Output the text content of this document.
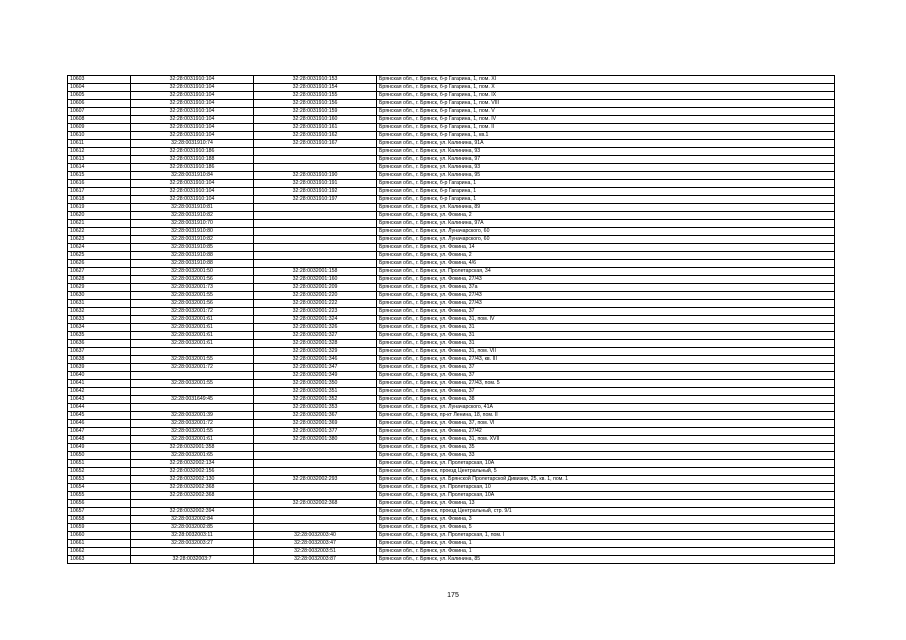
10603	32:28:0031910:104	32:28:0031910:153	Брянская обл., г. Брянск, б-р Гагарина, 1, пом. XI
10604	32:28:0031910:104	32:28:0031910:154	Брянская обл., г. Брянск, б-р Гагарина, 1, пом. X
10605	32:28:0031910:104	32:28:0031910:155	Брянская обл., г. Брянск, б-р Гагарина, 1, пом. IX
10606	32:28:0031910:104	32:28:0031910:156	Брянская обл., г. Брянск, б-р Гагарина, 1, пом. VIII
10607	32:28:0031910:104	32:28:0031910:159	Брянская обл., г. Брянск, б-р Гагарина, 1, пом. V
10608	32:28:0031910:104	32:28:0031910:160	Брянская обл., г. Брянск, б-р Гагарина, 1, пом. IV
10609	32:28:0031910:104	32:28:0031910:161	Брянская обл., г. Брянск, б-р Гагарина, 1, пом. II
10610	32:28:0031910:104	32:28:0031910:162	Брянская обл., г. Брянск, б-р Гагарина, 1, кв.1
10611	32:28:0031910:74	32:28:0031910:167	Брянская обл., г. Брянск, ул. Калинина, 91А
10612	32:28:0031910:186		Брянская обл., г. Брянск, ул. Калинина, 93
10613	32:28:0031910:188		Брянская обл., г. Брянск, ул. Калинина, 97
10614	32:28:0031910:186		Брянская обл., г. Брянск, ул. Калинина, 93
10615	32:28:0031910:84	32:28:0031910:190	Брянская обл., г. Брянск, ул. Калинина, 95
10616	32:28:0031910:104	32:28:0031910:191	Брянская обл., г. Брянск, б-р Гагарина, 1
10617	32:28:0031910:104	32:28:0031910:192	Брянская обл., г. Брянск, б-р Гагарина, 1
10618	32:28:0031910:104	32:28:0031910:197	Брянская обл., г. Брянск, б-р Гагарина, 1
10619	32:28:0031910:81		Брянская обл., г. Брянск, ул. Калинина, 89
10620	32:28:0031910:82		Брянская обл., г. Брянск, ул. Фокина, 2
10621	32:28:0031910:70		Брянская обл., г. Брянск, ул. Калинина, 97А
10622	32:28:0031910:80		Брянская обл., г. Брянск, ул. Луначарского, 60
10623	32:28:0031910:82		Брянская обл., г. Брянск, ул. Луначарского, 60
10624	32:28:0031910:85		Брянская обл., г. Брянск, ул. Фокина, 14
10625	32:28:0031910:88		Брянская обл., г. Брянск, ул. Фокина, 2
10626	32:28:0031910:88		Брянская обл., г. Брянск, ул. Фокина, 4/6
10627	32:28:0032001:50	32:28:0032001:158	Брянская обл., г. Брянск, ул. Пролетарская, 34
10628	32:28:0032001:56	32:28:0032001:160	Брянская обл., г. Брянск, ул. Фокина, 27/43
10629	32:28:0032001:73	32:28:0032001:209	Брянская обл., г. Брянск, ул. Фокина, 37а
10630	32:28:0032001:55	32:28:0032001:220	Брянская обл., г. Брянск, ул. Фокина, 27/43
10631	32:28:0032001:56	32:28:0032001:222	Брянская обл., г. Брянск, ул. Фокина, 27/43
10632	32:28:0032001:72	32:28:0032001:223	Брянская обл., г. Брянск, ул. Фокина, 37
10633	32:28:0032001:61	32:28:0032001:324	Брянская обл., г. Брянск, ул. Фокина, 31, пом. IV
10634	32:28:0032001:61	32:28:0032001:326	Брянская обл., г. Брянск, ул. Фокина, 31
10635	32:28:0032001:61	32:28:0032001:327	Брянская обл., г. Брянск, ул. Фокина, 31
10636	32:28:0032001:61	32:28:0032001:328	Брянская обл., г. Брянск, ул. Фокина, 31
10637		32:28:0032001:329	Брянская обл., г. Брянск, ул. Фокина, 31, пом. VII
10638	32:28:0032001:55	32:28:0032001:346	Брянская обл., г. Брянск, ул. Фокина, 27/43, кв. III
10639	32:28:0032001:72	32:28:0032001:347	Брянская обл., г. Брянск, ул. Фокина, 37
10640		32:28:0032001:349	Брянская обл., г. Брянск, ул. Фокина, 37
10641	32:28:0032001:55	32:28:0032001:350	Брянская обл., г. Брянск, ул. Фокина, 27/43, пом. 5
10642		32:28:0032001:351	Брянская обл., г. Брянск, ул. Фокина, 37
10643	32:28:0031649:45	32:28:0032001:352	Брянская обл., г. Брянск, ул. Фокина, 38
10644		32:28:0032001:353	Брянская обл., г. Брянск, ул. Луначарского, 41А
10645	32:28:0032001:39	32:28:0032001:367	Брянская обл., г. Брянск, пр-кт Ленина, 18, пом. II
10646	32:28:0032001:72	32:28:0032001:369	Брянская обл., г. Брянск, ул. Фокина, 37, пом. VI
10647	32:28:0032001:55	32:28:0032001:377	Брянская обл., г. Брянск, ул. Фокина, 27/42
10648	32:28:0032001:61	32:28:0032001:380	Брянская обл., г. Брянск, ул. Фокина, 31, пом. XVII
10649	32:28:0032001:358		Брянская обл., г. Брянск, ул. Фокина, 35
10650	32:28:0032001:65		Брянская обл., г. Брянск, ул. Фокина, 33
10651	32:28:0032002:134		Брянская обл., г. Брянск, ул. Пролетарская, 10А
10652	32:28:0032002:156		Брянская обл., г. Брянск, проезд Центральный, 5
10653	32:28:0032002:130	32:28:0032002:293	Брянская обл., г. Брянск, ул. Брянской Пролетарской Дивизии, 25, кв. 1, пом. 1
10654	32:28:0032002:368		Брянская обл., г. Брянск, ул. Пролетарская, 10
10655	32:28:0032002:368		Брянская обл., г. Брянск, ул. Пролетарская, 10А
10656		32:28:0032002:368	Брянская обл., г. Брянск, ул. Фокина, 13
10657	32:28:0032002:394		Брянская обл., г. Брянск, проезд Центральный, стр. 9/1
10658	32:28:0032002:84		Брянская обл., г. Брянск, ул. Фокина, 3
10659	32:28:0032002:85		Брянская обл., г. Брянск, ул. Фокина, 5
10660	32:28:0032003:11	32:28:0032003:40	Брянская обл., г. Брянск, ул. Пролетарская, 1, пом. I
10661	32:28:0032003:27	32:28:0032003:47	Брянская обл., г. Брянск, ул. Фокина, 1
10662		32:28:0032003:51	Брянская обл., г. Брянск, ул. Фокина, 1
10663	32:28:0032003:7	32:28:0032003:87	Брянская обл., г. Брянск, ул. Калинина, 85
175
